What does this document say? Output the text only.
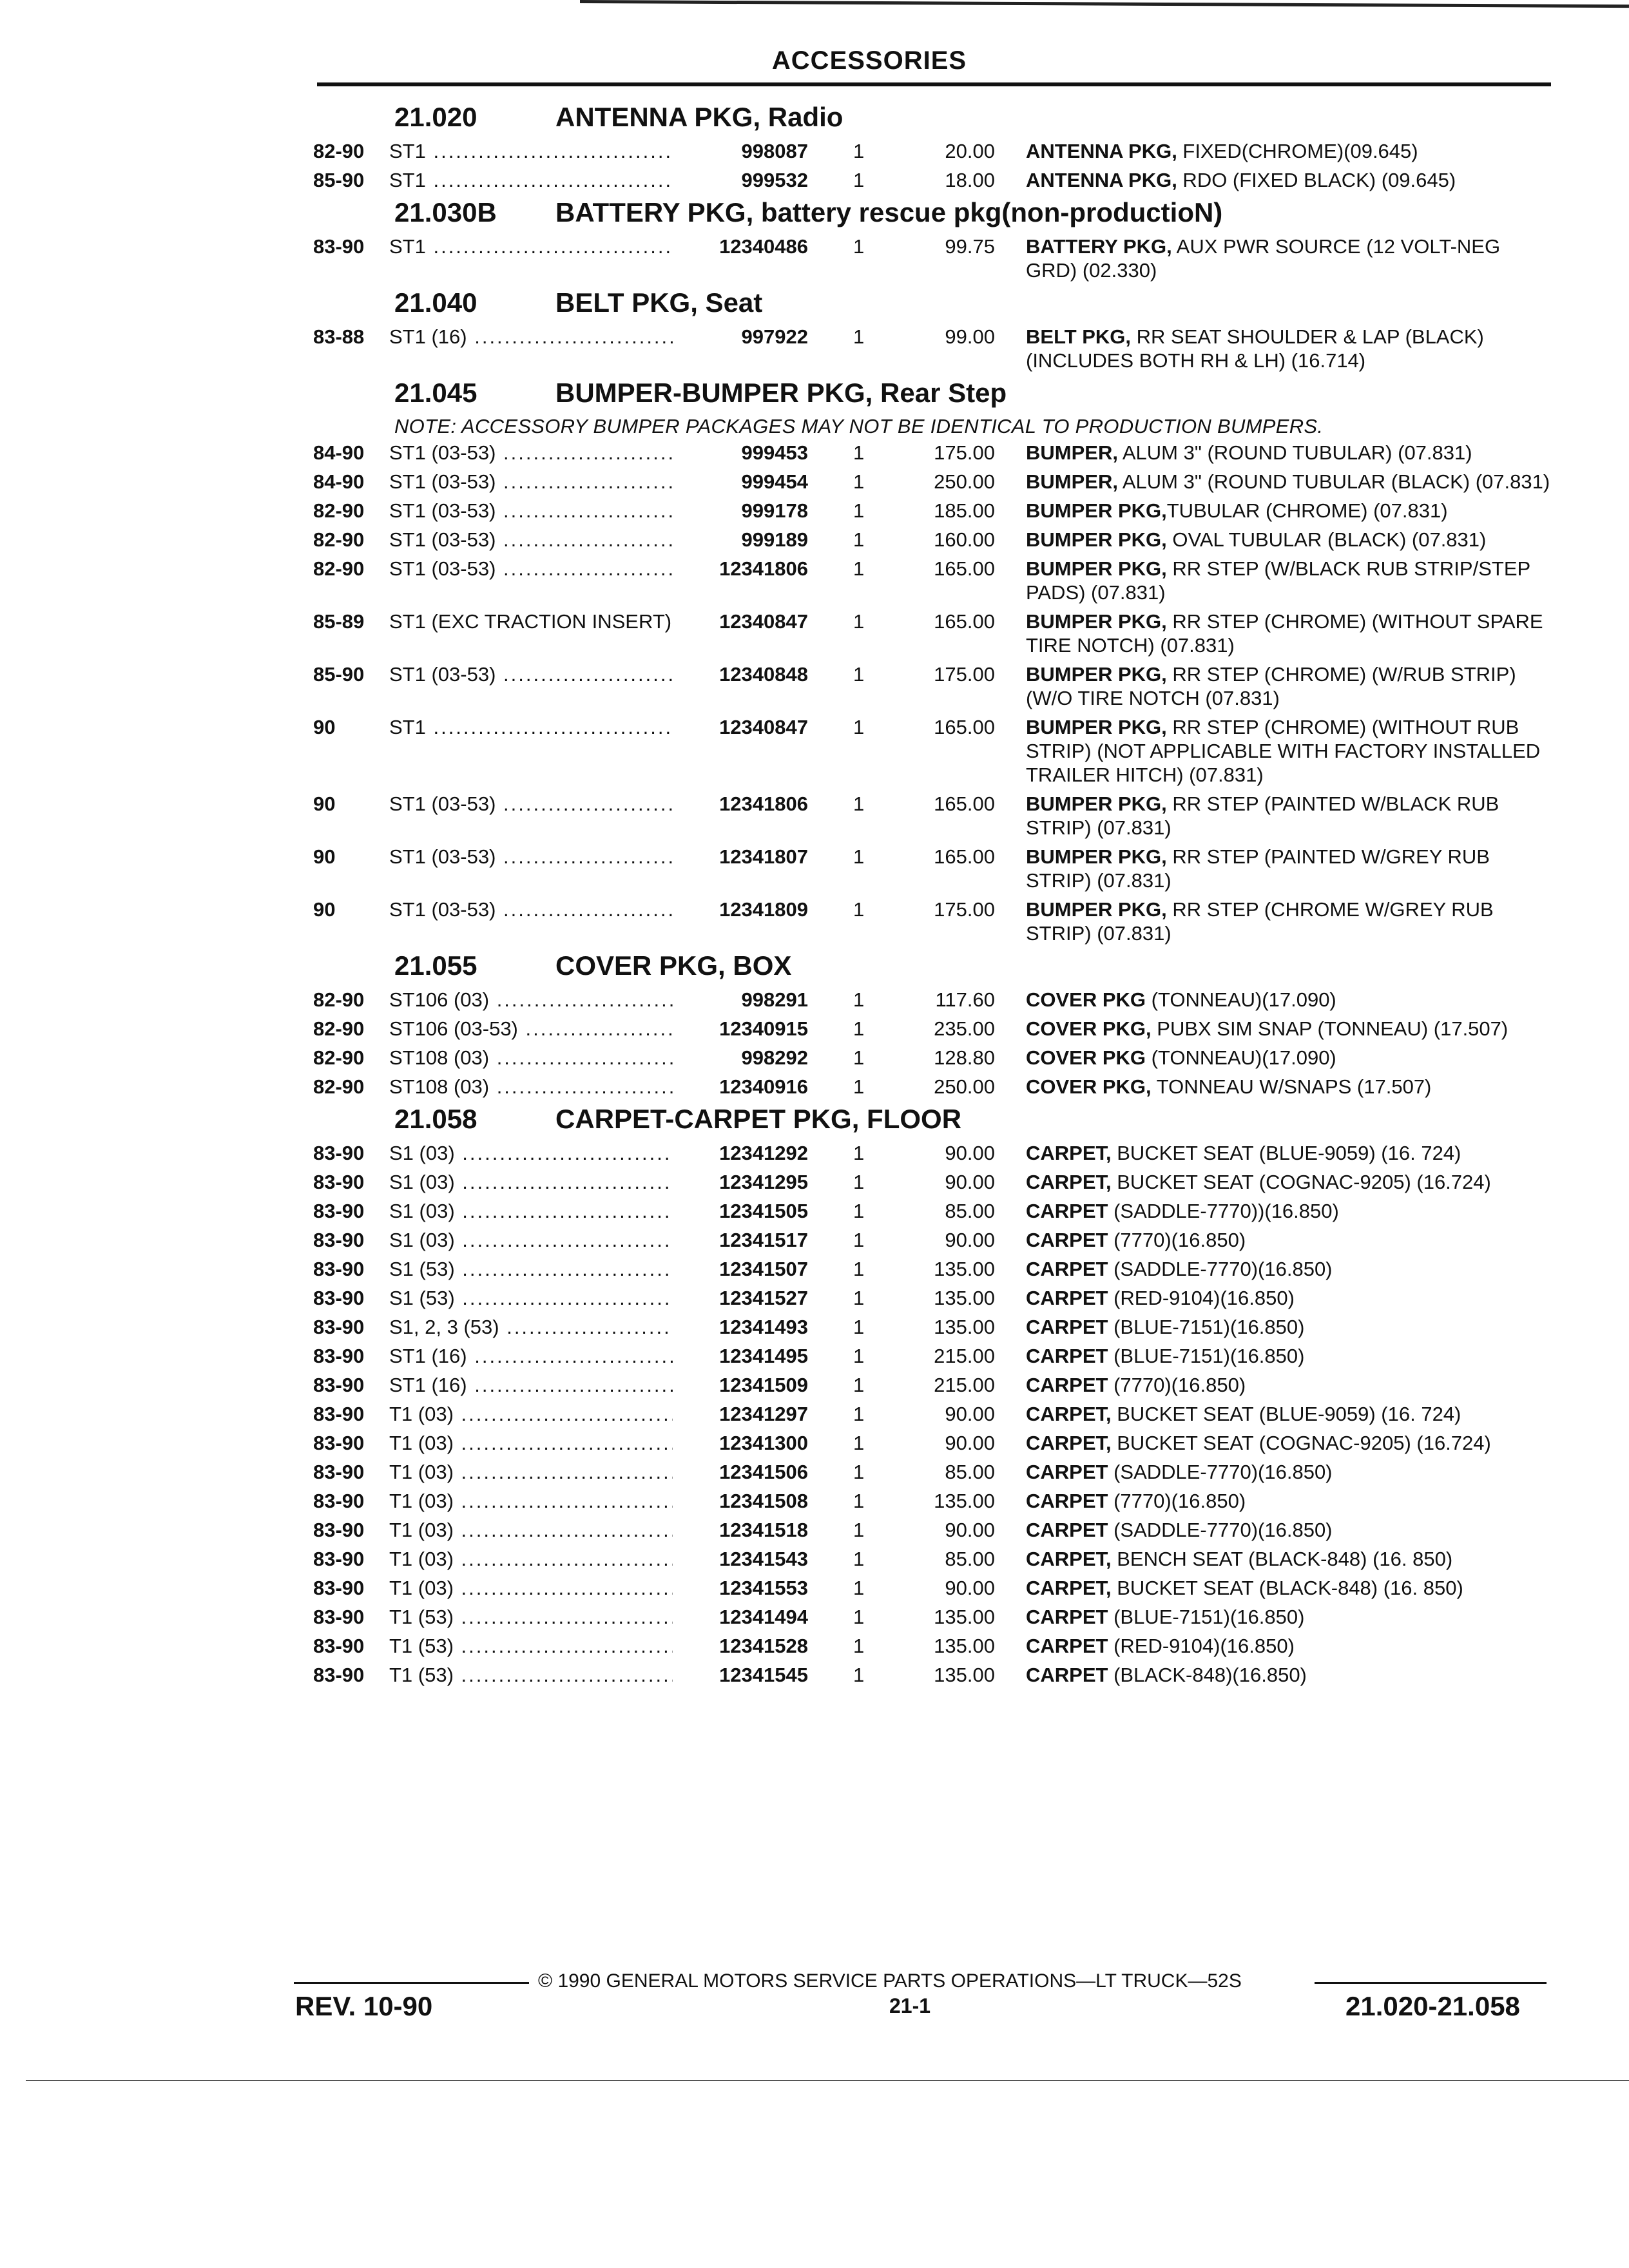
ACCESSORIES
21.020	ANTENNA PKG, Radio
82-90	ST1 .....	998087	1	20.00	ANTENNA PKG, FIXED(CHROME)(09.645)
85-90	ST1 .....	999532	1	18.00	ANTENNA PKG, RDO (FIXED BLACK) (09.645)
21.030B	BATTERY PKG, battery rescue pkg(non-productioN)
83-90	ST1 .....	12340486	1	99.75	BATTERY PKG, AUX PWR SOURCE (12 VOLT-NEG GRD) (02.330)
21.040	BELT PKG, Seat
83-88	ST1 (16) .....	997922	1	99.00	BELT PKG, RR SEAT SHOULDER & LAP (BLACK) (INCLUDES BOTH RH & LH) (16.714)
21.045	BUMPER-BUMPER PKG, Rear Step
NOTE: ACCESSORY BUMPER PACKAGES MAY NOT BE IDENTICAL TO PRODUCTION BUMPERS.
84-90	ST1 (03-53) .....	999453	1	175.00	BUMPER, ALUM 3" (ROUND TUBULAR) (07.831)
84-90	ST1 (03-53) .....	999454	1	250.00	BUMPER, ALUM 3" (ROUND TUBULAR (BLACK) (07.831)
82-90	ST1 (03-53) .....	999178	1	185.00	BUMPER PKG,TUBULAR (CHROME) (07.831)
82-90	ST1 (03-53) .....	999189	1	160.00	BUMPER PKG, OVAL TUBULAR (BLACK) (07.831)
82-90	ST1 (03-53) .....	12341806	1	165.00	BUMPER PKG, RR STEP (W/BLACK RUB STRIP/STEP PADS) (07.831)
85-89	ST1 (EXC TRACTION INSERT) .....	12340847	1	165.00	BUMPER PKG, RR STEP (CHROME) (WITHOUT SPARE TIRE NOTCH) (07.831)
85-90	ST1 (03-53) .....	12340848	1	175.00	BUMPER PKG, RR STEP (CHROME) (W/RUB STRIP) (W/O TIRE NOTCH (07.831)
90	ST1 .....	12340847	1	165.00	BUMPER PKG, RR STEP (CHROME) (WITHOUT RUB STRIP) (NOT APPLICABLE WITH FACTORY INSTALLED TRAILER HITCH) (07.831)
90	ST1 (03-53) .....	12341806	1	165.00	BUMPER PKG, RR STEP (PAINTED W/BLACK RUB STRIP) (07.831)
90	ST1 (03-53) .....	12341807	1	165.00	BUMPER PKG, RR STEP (PAINTED W/GREY RUB STRIP) (07.831)
90	ST1 (03-53) .....	12341809	1	175.00	BUMPER PKG, RR STEP (CHROME W/GREY RUB STRIP) (07.831)
21.055	COVER PKG, BOX
82-90	ST106 (03) .....	998291	1	117.60	COVER PKG (TONNEAU)(17.090)
82-90	ST106 (03-53) .....	12340915	1	235.00	COVER PKG, PUBX SIM SNAP (TONNEAU) (17.507)
82-90	ST108 (03) .....	998292	1	128.80	COVER PKG (TONNEAU)(17.090)
82-90	ST108 (03) .....	12340916	1	250.00	COVER PKG, TONNEAU W/SNAPS (17.507)
21.058	CARPET-CARPET PKG, FLOOR
83-90	S1 (03) .....	12341292	1	90.00	CARPET, BUCKET SEAT (BLUE-9059) (16. 724)
83-90	S1 (03) .....	12341295	1	90.00	CARPET, BUCKET SEAT (COGNAC-9205) (16.724)
83-90	S1 (03) .....	12341505	1	85.00	CARPET (SADDLE-7770))(16.850)
83-90	S1 (03) .....	12341517	1	90.00	CARPET (7770)(16.850)
83-90	S1 (53) .....	12341507	1	135.00	CARPET (SADDLE-7770)(16.850)
83-90	S1 (53) .....	12341527	1	135.00	CARPET (RED-9104)(16.850)
83-90	S1, 2, 3 (53) .....	12341493	1	135.00	CARPET (BLUE-7151)(16.850)
83-90	ST1 (16) .....	12341495	1	215.00	CARPET (BLUE-7151)(16.850)
83-90	ST1 (16) .....	12341509	1	215.00	CARPET (7770)(16.850)
83-90	T1 (03) .....	12341297	1	90.00	CARPET, BUCKET SEAT (BLUE-9059) (16. 724)
83-90	T1 (03) .....	12341300	1	90.00	CARPET, BUCKET SEAT (COGNAC-9205) (16.724)
83-90	T1 (03) .....	12341506	1	85.00	CARPET (SADDLE-7770)(16.850)
83-90	T1 (03) .....	12341508	1	135.00	CARPET (7770)(16.850)
83-90	T1 (03) .....	12341518	1	90.00	CARPET (SADDLE-7770)(16.850)
83-90	T1 (03) .....	12341543	1	85.00	CARPET, BENCH SEAT (BLACK-848) (16. 850)
83-90	T1 (03) .....	12341553	1	90.00	CARPET, BUCKET SEAT (BLACK-848) (16. 850)
83-90	T1 (53) .....	12341494	1	135.00	CARPET (BLUE-7151)(16.850)
83-90	T1 (53) .....	12341528	1	135.00	CARPET (RED-9104)(16.850)
83-90	T1 (53) .....	12341545	1	135.00	CARPET (BLACK-848)(16.850)
© 1990 GENERAL MOTORS SERVICE PARTS OPERATIONS—LT TRUCK—52S
REV. 10-90	21-1	21.020-21.058
